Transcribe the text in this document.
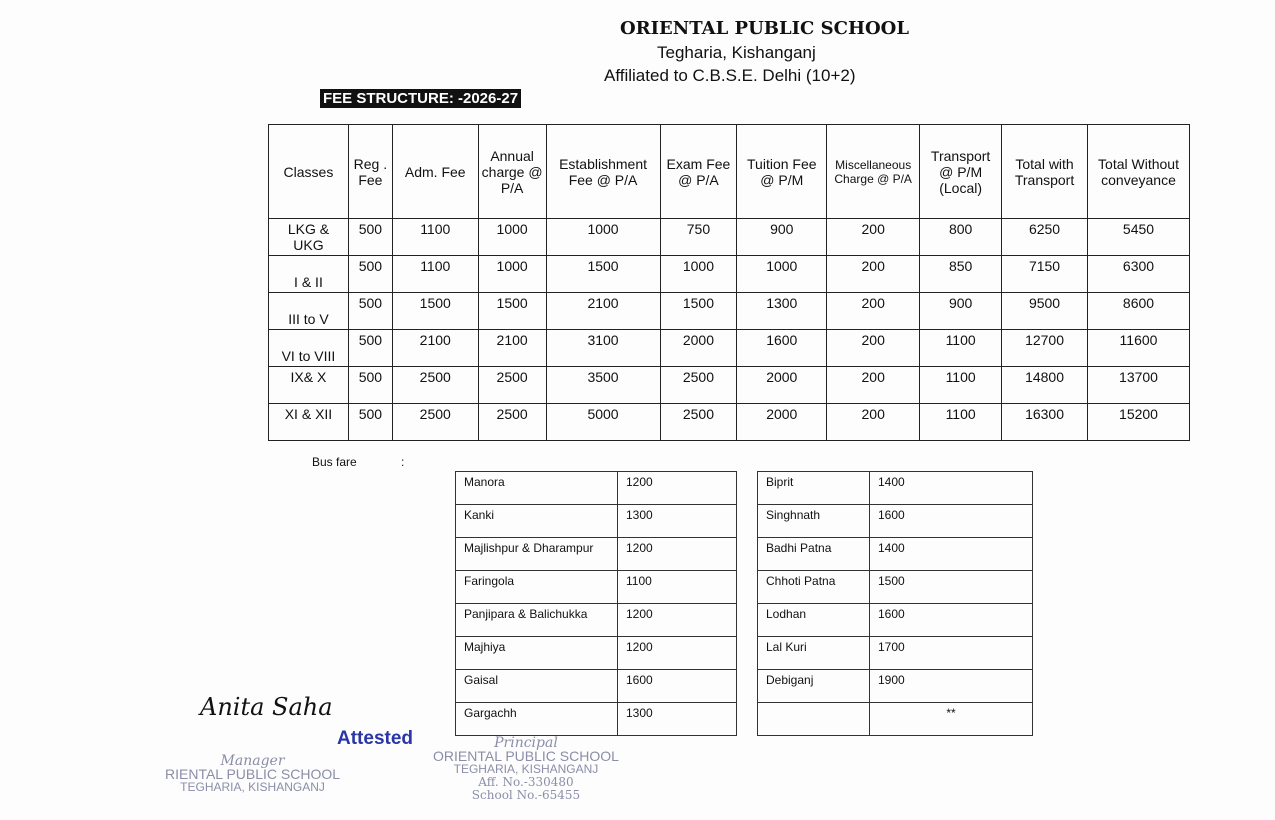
ORIENTAL PUBLIC SCHOOL
Tegharia, Kishanganj
Affiliated to C.B.S.E. Delhi (10+2)
FEE STRUCTURE: -2026-27
Classes	Reg . Fee	Adm. Fee	Annual charge @ P/A	Establishment Fee @ P/A	Exam Fee @ P/A	Tuition Fee @ P/M	Miscellaneous Charge @ P/A	Transport @ P/M (Local)	Total with Transport	Total Without conveyance
LKG & UKG	500	1100	1000	1000	750	900	200	800	6250	5450
I & II	500	1100	1000	1500	1000	1000	200	850	7150	6300
III to V	500	1500	1500	2100	1500	1300	200	900	9500	8600
VI to VIII	500	2100	2100	3100	2000	1600	200	1100	12700	11600
IX& X	500	2500	2500	3500	2500	2000	200	1100	14800	13700
XI & XII	500	2500	2500	5000	2500	2000	200	1100	16300	15200
Bus fare	:
Manora	1200
Kanki	1300
Majlishpur & Dharampur	1200
Faringola	1100
Panjipara & Balichukka	1200
Majhiya	1200
Gaisal	1600
Gargachh	1300
Biprit	1400
Singhnath	1600
Badhi Patna	1400
Chhoti Patna	1500
Lodhan	1600
Lal Kuri	1700
Debiganj	1900
	**
Anita Saha
Attested
Manager
RIENTAL PUBLIC SCHOOL
TEGHARIA, KISHANGANJ
Principal
ORIENTAL PUBLIC SCHOOL
TEGHARIA, KISHANGANJ
Aff. No.-330480
School No.-65455
